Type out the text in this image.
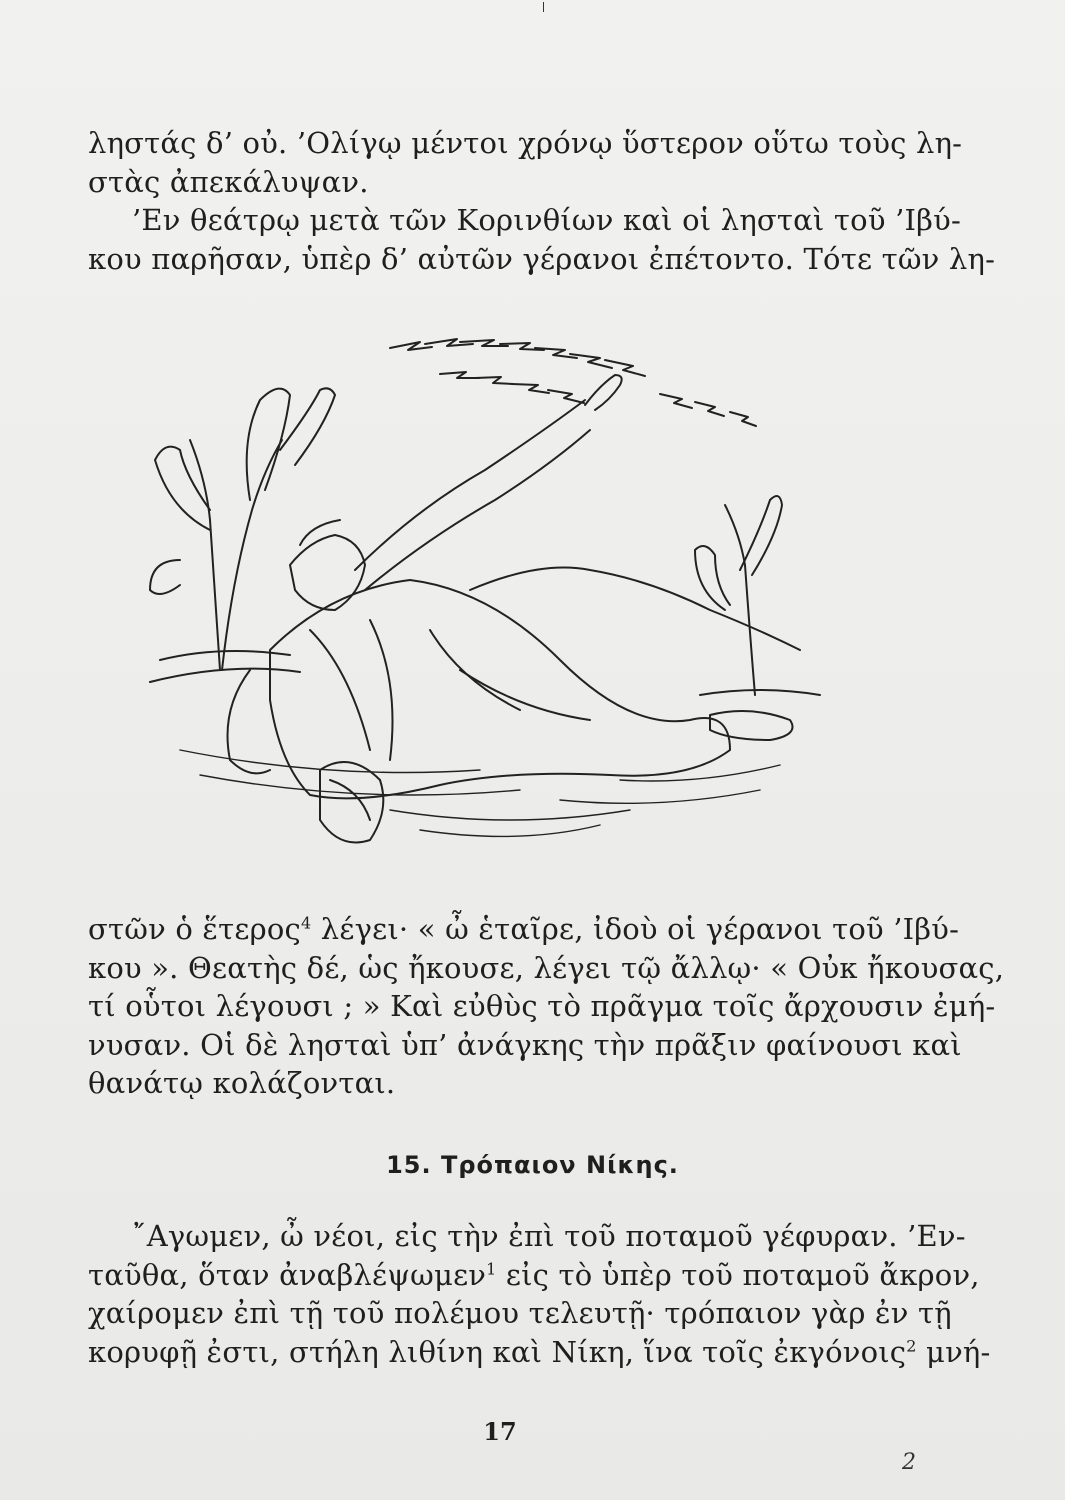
ληστάς δ’ οὐ. ’Ολίγῳ μέντοι χρόνῳ ὕστερον οὕτω τοὺς λη-
στὰς ἀπεκάλυψαν.
’Εν θεάτρῳ μετὰ τῶν Κορινθίων καὶ οἱ λησταὶ τοῦ ’Ιβύ-
κου παρῆσαν, ὑπὲρ δ’ αὐτῶν γέρανοι ἐπέτοντο. Τότε τῶν λη-
στῶν ὁ ἕτερος$^4$ λέγει· « ὦ ἑταῖρε, ἰδοὺ οἱ γέρανοι τοῦ ’Ιβύ-
κου ». Θεατὴς δέ, ὡς ἤκουσε, λέγει τῷ ἄλλῳ· « Οὐκ ἤκουσας,
τί οὗτοι λέγουσι ; » Καὶ εὐθὺς τὸ πρᾶγμα τοῖς ἄρχουσιν ἐμή-
νυσαν. Οἱ δὲ λησταὶ ὑπ’ ἀνάγκης τὴν πρᾶξιν φαίνουσι καὶ
θανάτῳ κολάζονται.
15. Τρόπαιον Νίκης.
῎Αγωμεν, ὦ νέοι, εἰς τὴν ἐπὶ τοῦ ποταμοῦ γέφυραν. ’Εν-
ταῦθα, ὅταν ἀναβλέψωμεν$^1$ εἰς τὸ ὑπὲρ τοῦ ποταμοῦ ἄκρον,
χαίρομεν ἐπὶ τῇ τοῦ πολέμου τελευτῇ· τρόπαιον γὰρ ἐν τῇ
κορυφῇ ἐστι, στήλη λιθίνη καὶ Νίκη, ἵνα τοῖς ἐκγόνοις$^2$ μνή-
17
2
